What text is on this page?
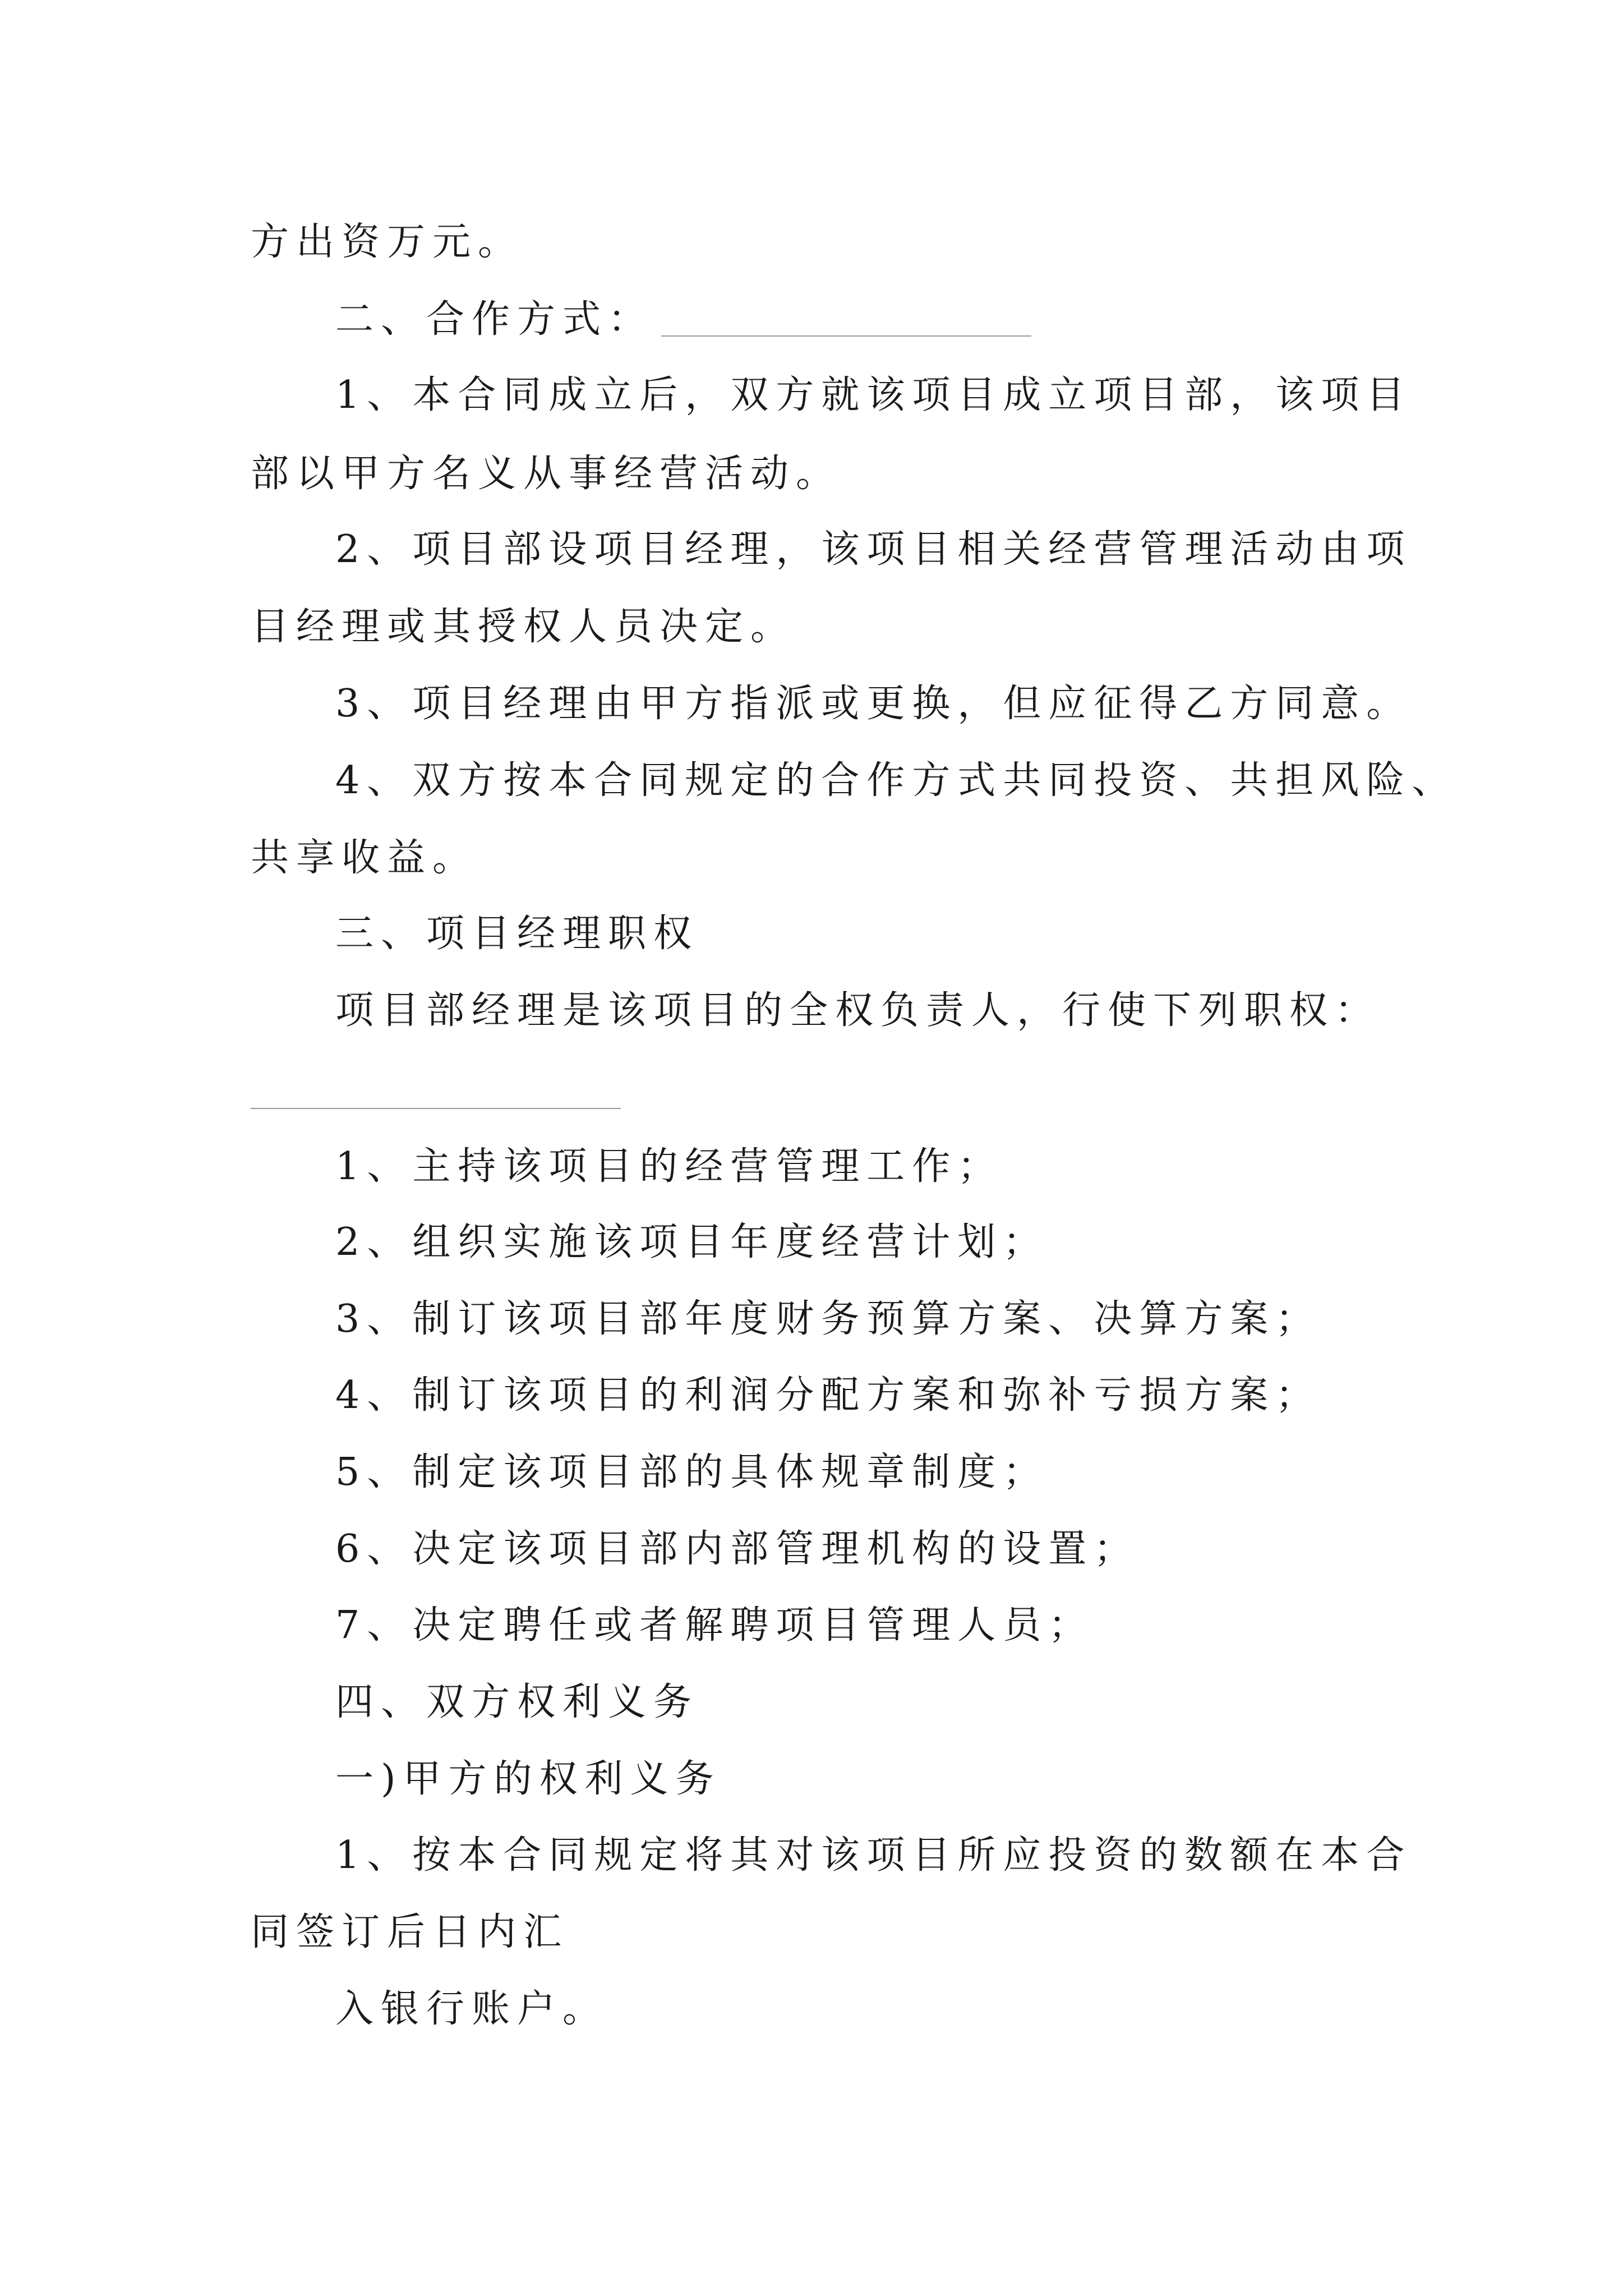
方出资万元。
二、合作方式：
1、本合同成立后，双方就该项目成立项目部，该项目
部以甲方名义从事经营活动。
2、项目部设项目经理，该项目相关经营管理活动由项
目经理或其授权人员决定。
3、项目经理由甲方指派或更换，但应征得乙方同意。
4、双方按本合同规定的合作方式共同投资、共担风险、
共享收益。
三、项目经理职权
项目部经理是该项目的全权负责人，行使下列职权：
1、主持该项目的经营管理工作；
2、组织实施该项目年度经营计划；
3、制订该项目部年度财务预算方案、决算方案；
4、制订该项目的利润分配方案和弥补亏损方案；
5、制定该项目部的具体规章制度；
6、决定该项目部内部管理机构的设置；
7、决定聘任或者解聘项目管理人员；
四、双方权利义务
一)甲方的权利义务
1、按本合同规定将其对该项目所应投资的数额在本合
同签订后日内汇
入银行账户。
